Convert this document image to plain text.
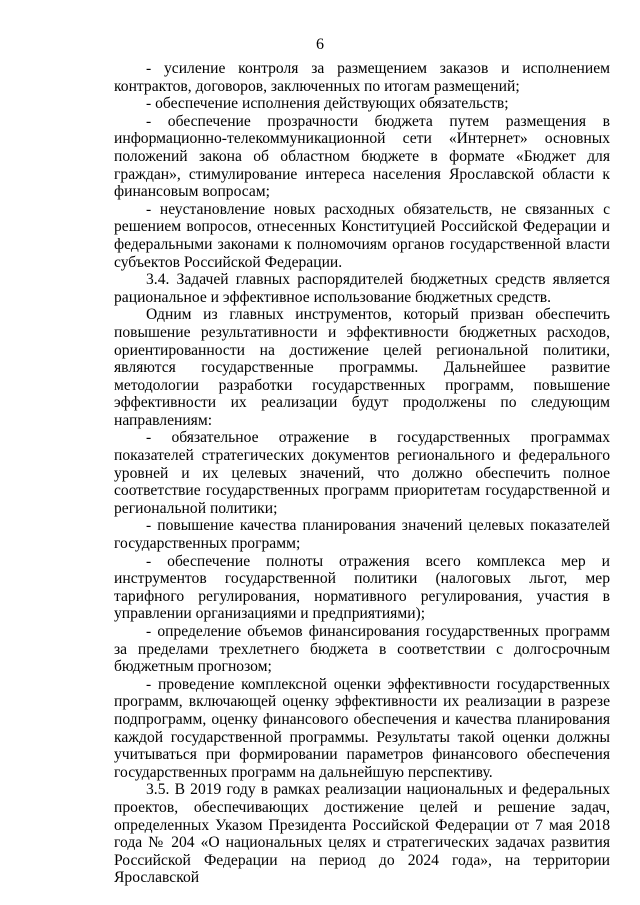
6

- усиление контроля за размещением заказов и исполнением контрактов, договоров, заключенных по итогам размещений;

- обеспечение исполнения действующих обязательств;

- обеспечение прозрачности бюджета путем размещения в информационно-телекоммуникационной сети «Интернет» основных положений закона об областном бюджете в формате «Бюджет для граждан», стимулирование интереса населения Ярославской области к финансовым вопросам;

- неустановление новых расходных обязательств, не связанных с решением вопросов, отнесенных Конституцией Российской Федерации и федеральными законами к полномочиям органов государственной власти субъектов Российской Федерации.

3.4. Задачей главных распорядителей бюджетных средств является рациональное и эффективное использование бюджетных средств.

Одним из главных инструментов, который призван обеспечить повышение результативности и эффективности бюджетных расходов, ориентированности на достижение целей региональной политики, являются государственные программы. Дальнейшее развитие методологии разработки государственных программ, повышение эффективности их реализации будут продолжены по следующим направлениям:

- обязательное отражение в государственных программах показателей стратегических документов регионального и федерального уровней и их целевых значений, что должно обеспечить полное соответствие государственных программ приоритетам государственной и региональной политики;

- повышение качества планирования значений целевых показателей государственных программ;

- обеспечение полноты отражения всего комплекса мер и инструментов государственной политики (налоговых льгот, мер тарифного регулирования, нормативного регулирования, участия в управлении организациями и предприятиями);

- определение объемов финансирования государственных программ за пределами трехлетнего бюджета в соответствии с долгосрочным бюджетным прогнозом;

- проведение комплексной оценки эффективности государственных программ, включающей оценку эффективности их реализации в разрезе подпрограмм, оценку финансового обеспечения и качества планирования каждой государственной программы. Результаты такой оценки должны учитываться при формировании параметров финансового обеспечения государственных программ на дальнейшую перспективу.

3.5. В 2019 году в рамках реализации национальных и федеральных проектов, обеспечивающих достижение целей и решение задач, определенных Указом Президента Российской Федерации от 7 мая 2018 года № 204 «О национальных целях и стратегических задачах развития Российской Федерации на период до 2024 года», на территории Ярославской
